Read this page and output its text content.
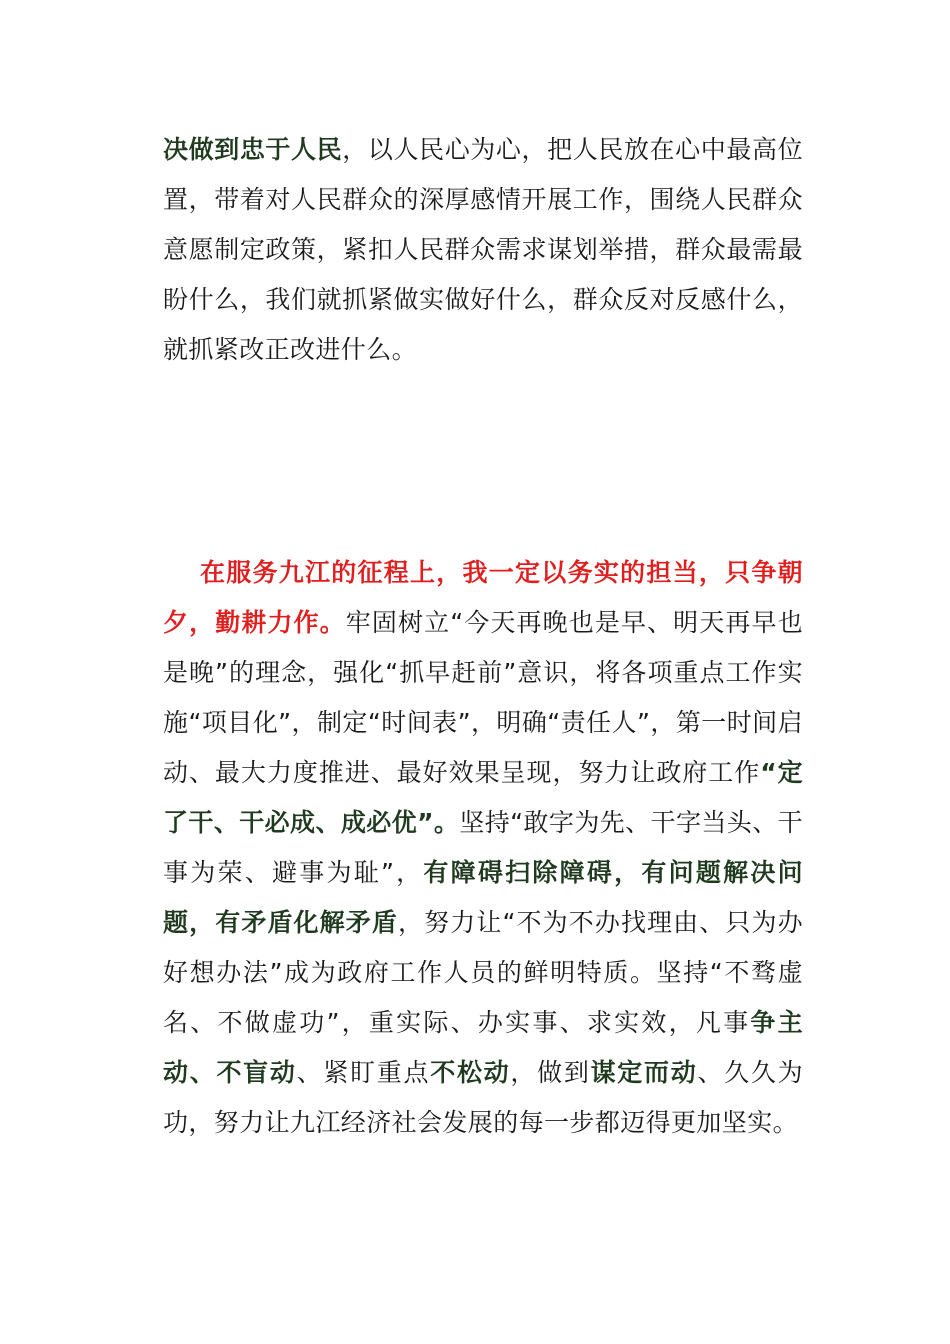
决做到忠于人民，以人民心为心，把人民放在心中最高位置，带着对人民群众的深厚感情开展工作，围绕人民群众意愿制定政策，紧扣人民群众需求谋划举措，群众最需最盼什么，我们就抓紧做实做好什么，群众反对反感什么，就抓紧改正改进什么。

在服务九江的征程上，我一定以务实的担当，只争朝夕，勤耕力作。牢固树立“今天再晚也是早、明天再早也是晚”的理念，强化“抓早赶前”意识，将各项重点工作实施“项目化”，制定“时间表”，明确“责任人”，第一时间启动、最大力度推进、最好效果呈现，努力让政府工作“定了干、干必成、成必优”。坚持“敢字为先、干字当头、干事为荣、避事为耻”，有障碍扫除障碍，有问题解决问题，有矛盾化解矛盾，努力让“不为不办找理由、只为办好想办法”成为政府工作人员的鲜明特质。坚持“不骛虚名、不做虚功”，重实际、办实事、求实效，凡事争主动、不盲动、紧盯重点不松动，做到谋定而动、久久为功，努力让九江经济社会发展的每一步都迈得更加坚实。
